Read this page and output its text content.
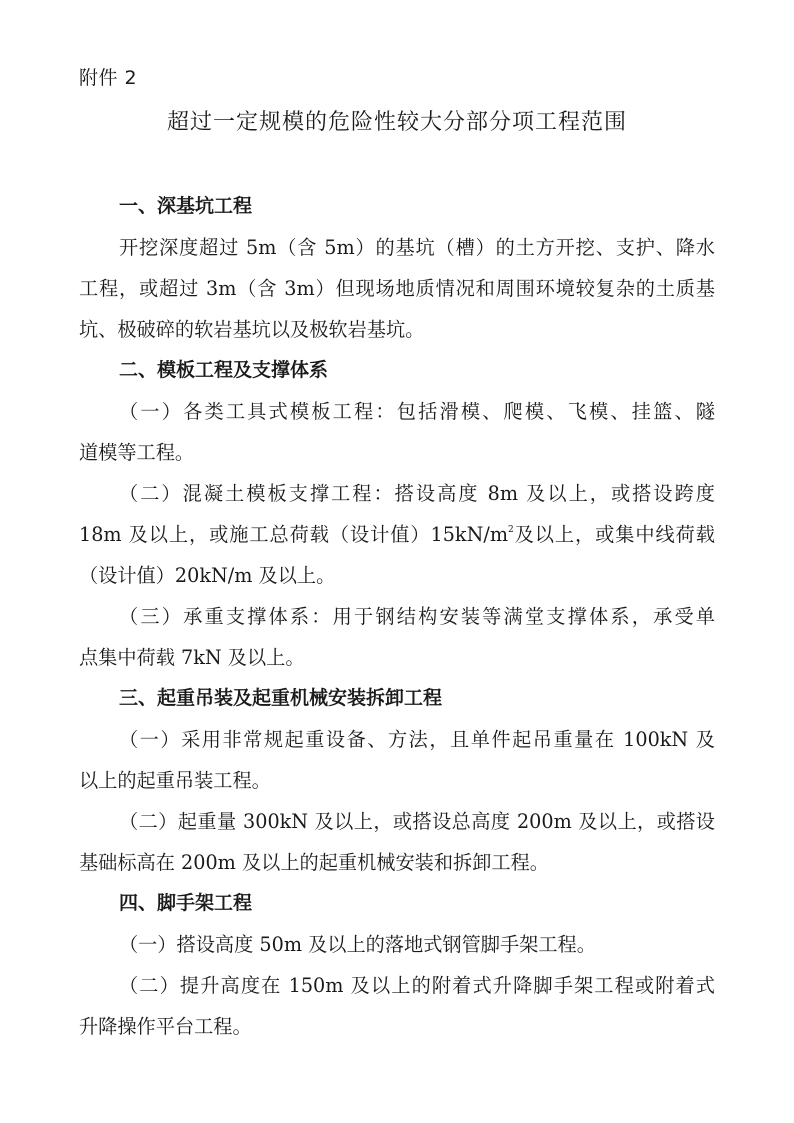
附件 2
超过一定规模的危险性较大分部分项工程范围
一、深基坑工程
开挖深度超过 5m（含 5m）的基坑（槽）的土方开挖、支护、降水
工程，或超过 3m（含 3m）但现场地质情况和周围环境较复杂的土质基
坑、极破碎的软岩基坑以及极软岩基坑。
二、模板工程及支撑体系
（一）各类工具式模板工程：包括滑模、爬模、飞模、挂篮、隧
道模等工程。
（二）混凝土模板支撑工程：搭设高度 8m 及以上，或搭设跨度
18m 及以上，或施工总荷载（设计值）$15kN/m^2$及以上，或集中线荷载
（设计值）20kN/m 及以上。
（三）承重支撑体系：用于钢结构安装等满堂支撑体系，承受单
点集中荷载 7kN 及以上。
三、起重吊装及起重机械安装拆卸工程
（一）采用非常规起重设备、方法，且单件起吊重量在 100kN 及
以上的起重吊装工程。
（二）起重量 300kN 及以上，或搭设总高度 200m 及以上，或搭设
基础标高在 200m 及以上的起重机械安装和拆卸工程。
四、脚手架工程
（一）搭设高度 50m 及以上的落地式钢管脚手架工程。
（二）提升高度在 150m 及以上的附着式升降脚手架工程或附着式
升降操作平台工程。
